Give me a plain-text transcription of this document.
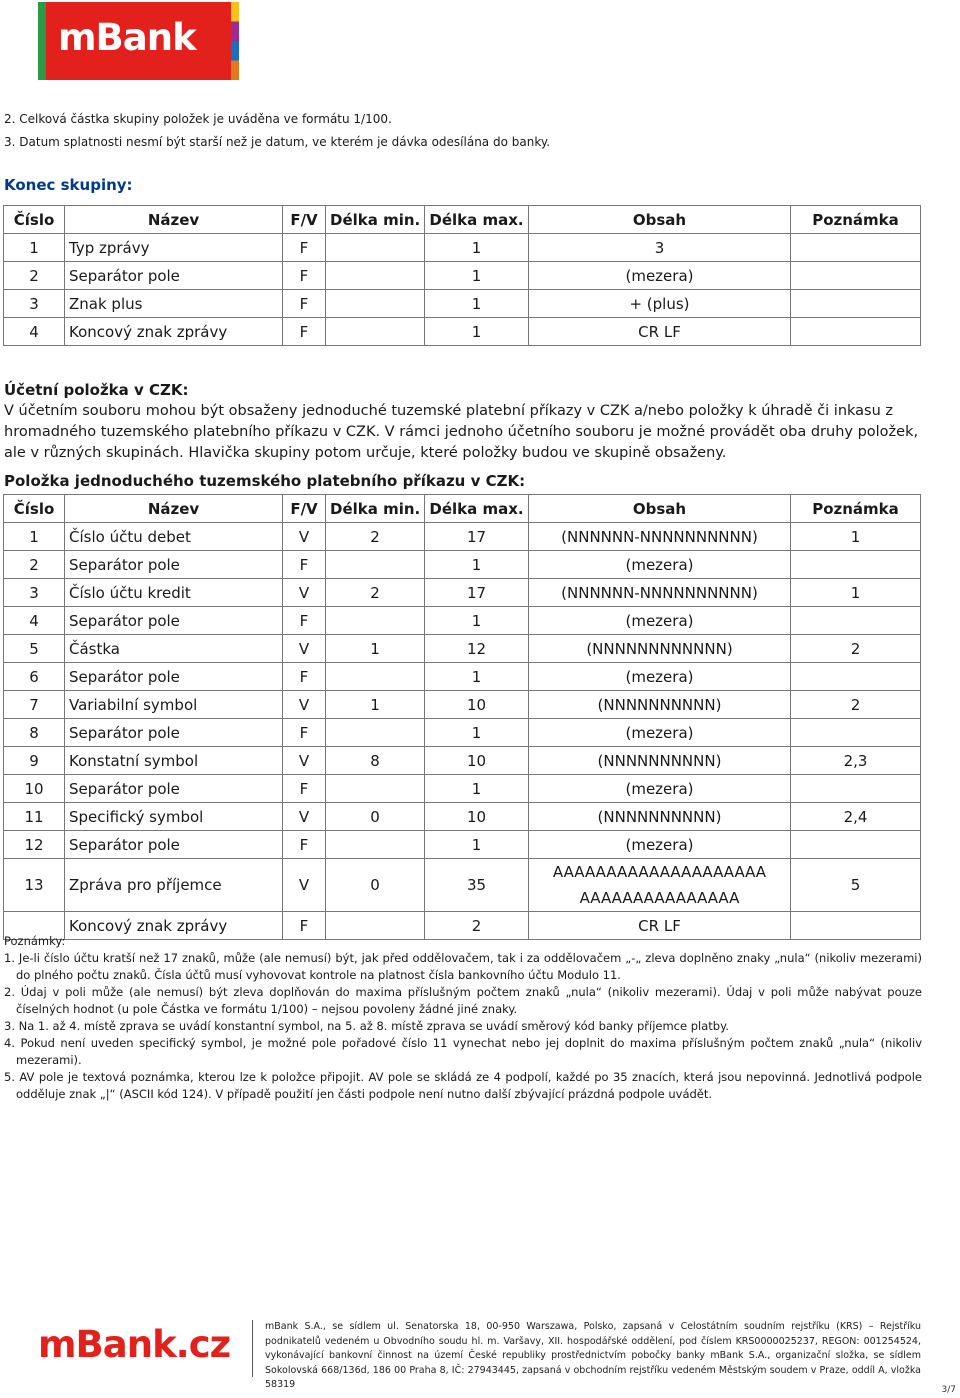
mBank
2. Celková částka skupiny položek je uváděna ve formátu 1/100.
3. Datum splatnosti nesmí být starší než je datum, ve kterém je dávka odesílána do banky.
Konec skupiny:
Číslo	Název	F/V	Délka min.	Délka max.	Obsah	Poznámka
1	Typ zprávy	F		1	3	
2	Separátor pole	F		1	(mezera)	
3	Znak plus	F		1	+ (plus)	
4	Koncový znak zprávy	F		1	CR LF	
Účetní položka v CZK:
V účetním souboru mohou být obsaženy jednoduché tuzemské platební příkazy v CZK a/nebo položky k úhradě či inkasu z hromadného tuzemského platebního příkazu v CZK. V rámci jednoho účetního souboru je možné provádět oba druhy položek, ale v různých skupinách. Hlavička skupiny potom určuje, které položky budou ve skupině obsaženy.
Položka jednoduchého tuzemského platebního příkazu v CZK:
Číslo	Název	F/V	Délka min.	Délka max.	Obsah	Poznámka
1	Číslo účtu debet	V	2	17	(NNNNNN-NNNNNNNNNN)	1
2	Separátor pole	F		1	(mezera)	
3	Číslo účtu kredit	V	2	17	(NNNNNN-NNNNNNNNNN)	1
4	Separátor pole	F		1	(mezera)	
5	Částka	V	1	12	(NNNNNNNNNNNN)	2
6	Separátor pole	F		1	(mezera)	
7	Variabilní symbol	V	1	10	(NNNNNNNNNN)	2
8	Separátor pole	F		1	(mezera)	
9	Konstatní symbol	V	8	10	(NNNNNNNNNN)	2,3
10	Separátor pole	F		1	(mezera)	
11	Specifický symbol	V	0	10	(NNNNNNNNNN)	2,4
12	Separátor pole	F		1	(mezera)	
13	Zpráva pro příjemce	V	0	35	AAAAAAAAAAAAAAAAAAAA
AAAAAAAAAAAAAAA	5
	Koncový znak zprávy	F		2	CR LF	
Poznámky:
1. Je-li číslo účtu kratší než 17 znaků, může (ale nemusí) být, jak před oddělovačem, tak i za oddělovačem „-„ zleva doplněno znaky „nula“ (nikoliv mezerami) do plného počtu znaků. Čísla účtů musí vyhovovat kontrole na platnost čísla bankovního účtu Modulo 11.
2. Údaj v poli může (ale nemusí) být zleva doplňován do maxima příslušným počtem znaků „nula“ (nikoliv mezerami). Údaj v poli může nabývat pouze číselných hodnot (u pole Částka ve formátu 1/100) – nejsou povoleny žádné jiné znaky.
3. Na 1. až 4. místě zprava se uvádí konstantní symbol, na 5. až 8. místě zprava se uvádí směrový kód banky příjemce platby.
4. Pokud není uveden specifický symbol, je možné pole pořadové číslo 11 vynechat nebo jej doplnit do maxima příslušným počtem znaků „nula“ (nikoliv mezerami).
5. AV pole je textová poznámka, kterou lze k položce připojit. AV pole se skládá ze 4 podpolí, každé po 35 znacích, která jsou nepovinná. Jednotlivá podpole odděluje znak „|“ (ASCII kód 124). V případě použití jen části podpole není nutno další zbývající prázdná podpole uvádět.
mBank.cz	mBank S.A., se sídlem ul. Senatorska 18, 00-950 Warszawa, Polsko, zapsaná v Celostátním soudním rejstříku (KRS) – Rejstříku podnikatelů vedeném u Obvodního soudu hl. m. Varšavy, XII. hospodářské oddělení, pod číslem KRS0000025237, REGON: 001254524, vykonávající bankovní činnost na území České republiky prostřednictvím pobočky banky mBank S.A., organizační složka, se sídlem Sokolovská 668/136d, 186 00 Praha 8, IČ: 27943445, zapsaná v obchodním rejstříku vedeném Městským soudem v Praze, oddíl A, vložka 58319	3/7
